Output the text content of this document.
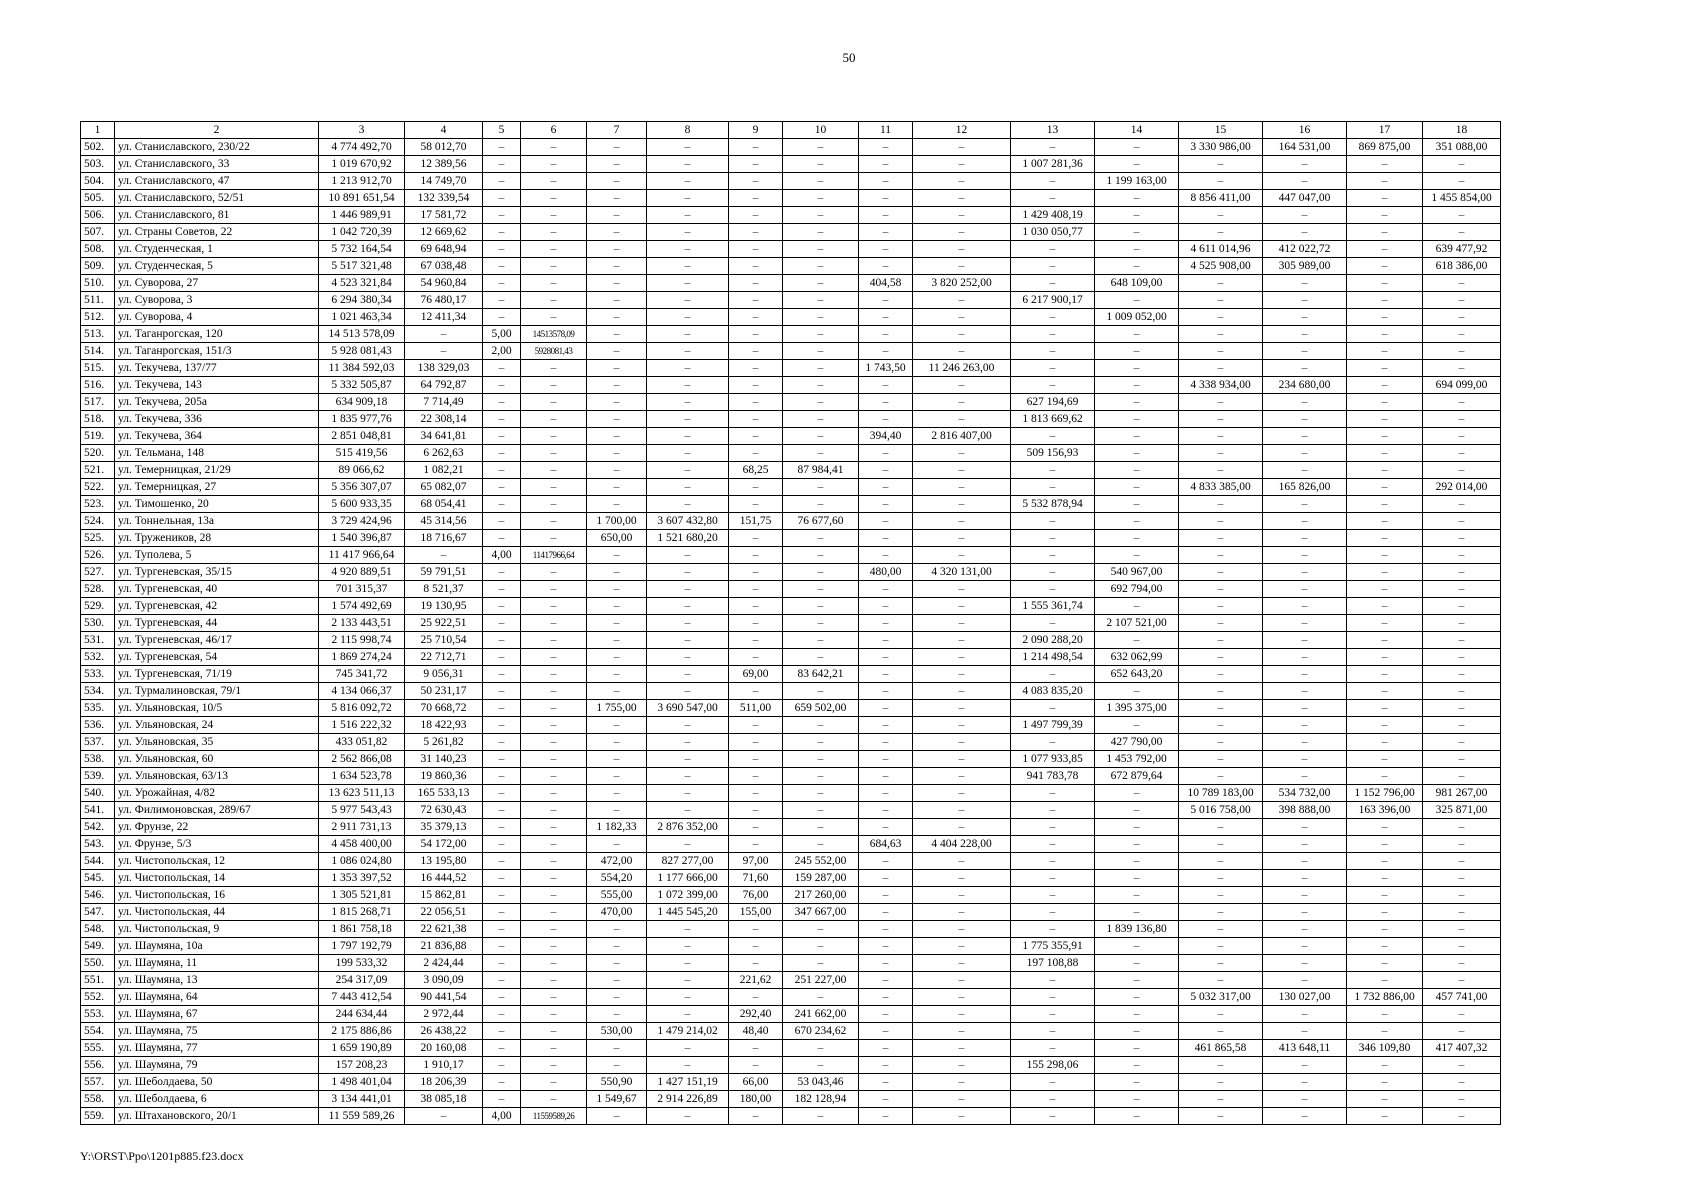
50
1	2	3	4	5	6	7	8	9	10	11	12	13	14	15	16	17	18
502.	ул. Станиславского, 230/22	4 774 492,70	58 012,70	–	–	–	–	–	–	–	–	–	–	3 330 986,00	164 531,00	869 875,00	351 088,00
503.	ул. Станиславского, 33	1 019 670,92	12 389,56	–	–	–	–	–	–	–	–	1 007 281,36	–	–	–	–	–
504.	ул. Станиславского, 47	1 213 912,70	14 749,70	–	–	–	–	–	–	–	–	–	1 199 163,00	–	–	–	–
505.	ул. Станиславского, 52/51	10 891 651,54	132 339,54	–	–	–	–	–	–	–	–	–	–	8 856 411,00	447 047,00	–	1 455 854,00
506.	ул. Станиславского, 81	1 446 989,91	17 581,72	–	–	–	–	–	–	–	–	1 429 408,19	–	–	–	–	–
507.	ул. Страны Советов, 22	1 042 720,39	12 669,62	–	–	–	–	–	–	–	–	1 030 050,77	–	–	–	–	–
508.	ул. Студенческая, 1	5 732 164,54	69 648,94	–	–	–	–	–	–	–	–	–	–	4 611 014,96	412 022,72	–	639 477,92
509.	ул. Студенческая, 5	5 517 321,48	67 038,48	–	–	–	–	–	–	–	–	–	–	4 525 908,00	305 989,00	–	618 386,00
510.	ул. Суворова, 27	4 523 321,84	54 960,84	–	–	–	–	–	–	404,58	3 820 252,00	–	648 109,00	–	–	–	–
511.	ул. Суворова, 3	6 294 380,34	76 480,17	–	–	–	–	–	–	–	–	6 217 900,17	–	–	–	–	–
512.	ул. Суворова, 4	1 021 463,34	12 411,34	–	–	–	–	–	–	–	–	–	1 009 052,00	–	–	–	–
513.	ул. Таганрогская, 120	14 513 578,09	–	5,00	14513578,09	–	–	–	–	–	–	–	–	–	–	–	–
514.	ул. Таганрогская, 151/3	5 928 081,43	–	2,00	5928081,43	–	–	–	–	–	–	–	–	–	–	–	–
515.	ул. Текучева, 137/77	11 384 592,03	138 329,03	–	–	–	–	–	–	1 743,50	11 246 263,00	–	–	–	–	–	–
516.	ул. Текучева, 143	5 332 505,87	64 792,87	–	–	–	–	–	–	–	–	–	–	4 338 934,00	234 680,00	–	694 099,00
517.	ул. Текучева, 205а	634 909,18	7 714,49	–	–	–	–	–	–	–	–	627 194,69	–	–	–	–	–
518.	ул. Текучева, 336	1 835 977,76	22 308,14	–	–	–	–	–	–	–	–	1 813 669,62	–	–	–	–	–
519.	ул. Текучева, 364	2 851 048,81	34 641,81	–	–	–	–	–	–	394,40	2 816 407,00	–	–	–	–	–	–
520.	ул. Тельмана, 148	515 419,56	6 262,63	–	–	–	–	–	–	–	–	509 156,93	–	–	–	–	–
521.	ул. Темерницкая, 21/29	89 066,62	1 082,21	–	–	–	–	68,25	87 984,41	–	–	–	–	–	–	–	–
522.	ул. Темерницкая, 27	5 356 307,07	65 082,07	–	–	–	–	–	–	–	–	–	–	4 833 385,00	165 826,00	–	292 014,00
523.	ул. Тимошенко, 20	5 600 933,35	68 054,41	–	–	–	–	–	–	–	–	5 532 878,94	–	–	–	–	–
524.	ул. Тоннельная, 13а	3 729 424,96	45 314,56	–	–	1 700,00	3 607 432,80	151,75	76 677,60	–	–	–	–	–	–	–	–
525.	ул. Тружеников, 28	1 540 396,87	18 716,67	–	–	650,00	1 521 680,20	–	–	–	–	–	–	–	–	–	–
526.	ул. Туполева, 5	11 417 966,64	–	4,00	11417966,64	–	–	–	–	–	–	–	–	–	–	–	–
527.	ул. Тургеневская, 35/15	4 920 889,51	59 791,51	–	–	–	–	–	–	480,00	4 320 131,00	–	540 967,00	–	–	–	–
528.	ул. Тургеневская, 40	701 315,37	8 521,37	–	–	–	–	–	–	–	–	–	692 794,00	–	–	–	–
529.	ул. Тургеневская, 42	1 574 492,69	19 130,95	–	–	–	–	–	–	–	–	1 555 361,74	–	–	–	–	–
530.	ул. Тургеневская, 44	2 133 443,51	25 922,51	–	–	–	–	–	–	–	–	–	2 107 521,00	–	–	–	–
531.	ул. Тургеневская, 46/17	2 115 998,74	25 710,54	–	–	–	–	–	–	–	–	2 090 288,20	–	–	–	–	–
532.	ул. Тургеневская, 54	1 869 274,24	22 712,71	–	–	–	–	–	–	–	–	1 214 498,54	632 062,99	–	–	–	–
533.	ул. Тургеневская, 71/19	745 341,72	9 056,31	–	–	–	–	69,00	83 642,21	–	–	–	652 643,20	–	–	–	–
534.	ул. Турмалиновская, 79/1	4 134 066,37	50 231,17	–	–	–	–	–	–	–	–	4 083 835,20	–	–	–	–	–
535.	ул. Ульяновская, 10/5	5 816 092,72	70 668,72	–	–	1 755,00	3 690 547,00	511,00	659 502,00	–	–	–	1 395 375,00	–	–	–	–
536.	ул. Ульяновская, 24	1 516 222,32	18 422,93	–	–	–	–	–	–	–	–	1 497 799,39	–	–	–	–	–
537.	ул. Ульяновская, 35	433 051,82	5 261,82	–	–	–	–	–	–	–	–	–	427 790,00	–	–	–	–
538.	ул. Ульяновская, 60	2 562 866,08	31 140,23	–	–	–	–	–	–	–	–	1 077 933,85	1 453 792,00	–	–	–	–
539.	ул. Ульяновская, 63/13	1 634 523,78	19 860,36	–	–	–	–	–	–	–	–	941 783,78	672 879,64	–	–	–	–
540.	ул. Урожайная, 4/82	13 623 511,13	165 533,13	–	–	–	–	–	–	–	–	–	–	10 789 183,00	534 732,00	1 152 796,00	981 267,00
541.	ул. Филимоновская, 289/67	5 977 543,43	72 630,43	–	–	–	–	–	–	–	–	–	–	5 016 758,00	398 888,00	163 396,00	325 871,00
542.	ул. Фрунзе, 22	2 911 731,13	35 379,13	–	–	1 182,33	2 876 352,00	–	–	–	–	–	–	–	–	–	–
543.	ул. Фрунзе, 5/3	4 458 400,00	54 172,00	–	–	–	–	–	–	684,63	4 404 228,00	–	–	–	–	–	–
544.	ул. Чистопольская, 12	1 086 024,80	13 195,80	–	–	472,00	827 277,00	97,00	245 552,00	–	–	–	–	–	–	–	–
545.	ул. Чистопольская, 14	1 353 397,52	16 444,52	–	–	554,20	1 177 666,00	71,60	159 287,00	–	–	–	–	–	–	–	–
546.	ул. Чистопольская, 16	1 305 521,81	15 862,81	–	–	555,00	1 072 399,00	76,00	217 260,00	–	–	–	–	–	–	–	–
547.	ул. Чистопольская, 44	1 815 268,71	22 056,51	–	–	470,00	1 445 545,20	155,00	347 667,00	–	–	–	–	–	–	–	–
548.	ул. Чистопольская, 9	1 861 758,18	22 621,38	–	–	–	–	–	–	–	–	–	1 839 136,80	–	–	–	–
549.	ул. Шаумяна, 10а	1 797 192,79	21 836,88	–	–	–	–	–	–	–	–	1 775 355,91	–	–	–	–	–
550.	ул. Шаумяна, 11	199 533,32	2 424,44	–	–	–	–	–	–	–	–	197 108,88	–	–	–	–	–
551.	ул. Шаумяна, 13	254 317,09	3 090,09	–	–	–	–	221,62	251 227,00	–	–	–	–	–	–	–	–
552.	ул. Шаумяна, 64	7 443 412,54	90 441,54	–	–	–	–	–	–	–	–	–	–	5 032 317,00	130 027,00	1 732 886,00	457 741,00
553.	ул. Шаумяна, 67	244 634,44	2 972,44	–	–	–	–	292,40	241 662,00	–	–	–	–	–	–	–	–
554.	ул. Шаумяна, 75	2 175 886,86	26 438,22	–	–	530,00	1 479 214,02	48,40	670 234,62	–	–	–	–	–	–	–	–
555.	ул. Шаумяна, 77	1 659 190,89	20 160,08	–	–	–	–	–	–	–	–	–	–	461 865,58	413 648,11	346 109,80	417 407,32
556.	ул. Шаумяна, 79	157 208,23	1 910,17	–	–	–	–	–	–	–	–	155 298,06	–	–	–	–	–
557.	ул. Шеболдаева, 50	1 498 401,04	18 206,39	–	–	550,90	1 427 151,19	66,00	53 043,46	–	–	–	–	–	–	–	–
558.	ул. Шеболдаева, 6	3 134 441,01	38 085,18	–	–	1 549,67	2 914 226,89	180,00	182 128,94	–	–	–	–	–	–	–	–
559.	ул. Штахановского, 20/1	11 559 589,26	–	4,00	11559589,26	–	–	–	–	–	–	–	–	–	–	–	–
Y:\ORST\Ppo\1201p885.f23.docx
